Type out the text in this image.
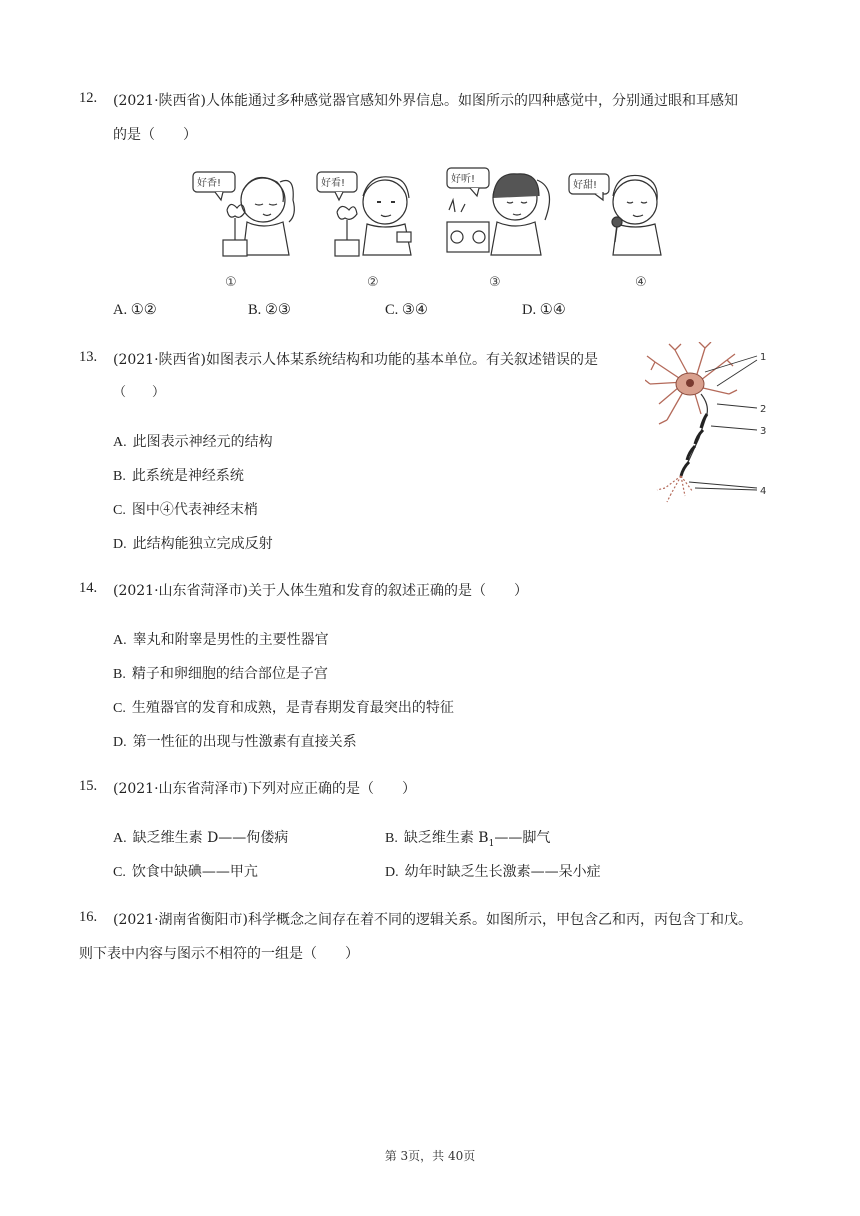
12. (2021·陕西省)人体能通过多种感觉器官感知外界信息。如图所示的四种感觉中，分别通过眼和耳感知
的是（　　）
好香!	好看!	好听!
好甜!
①	②	③	④
A. ①②	B. ②③	C. ③④	D. ①④
13. (2021·陕西省)如图表示人体某系统结构和功能的基本单位。有关叙述错误的是
（　　）
1
2
3
4
A. 此图表示神经元的结构
B. 此系统是神经系统
C. 图中④代表神经末梢
D. 此结构能独立完成反射
14. (2021·山东省菏泽市)关于人体生殖和发育的叙述正确的是（　　）
A. 睾丸和附睾是男性的主要性器官
B. 精子和卵细胞的结合部位是子宫
C. 生殖器官的发育和成熟，是青春期发育最突出的特征
D. 第一性征的出现与性激素有直接关系
15. (2021·山东省菏泽市)下列对应正确的是（　　）
A. 缺乏维生素 D——佝偻病	B. 缺乏维生素 $B_1——$脚气
C. 饮食中缺碘——甲亢	D. 幼年时缺乏生长激素——呆小症
16. (2021·湖南省衡阳市)科学概念之间存在着不同的逻辑关系。如图所示，甲包含乙和丙，丙包含丁和戊。
则下表中内容与图示不相符的一组是（　　）
第 3页，共 40页
